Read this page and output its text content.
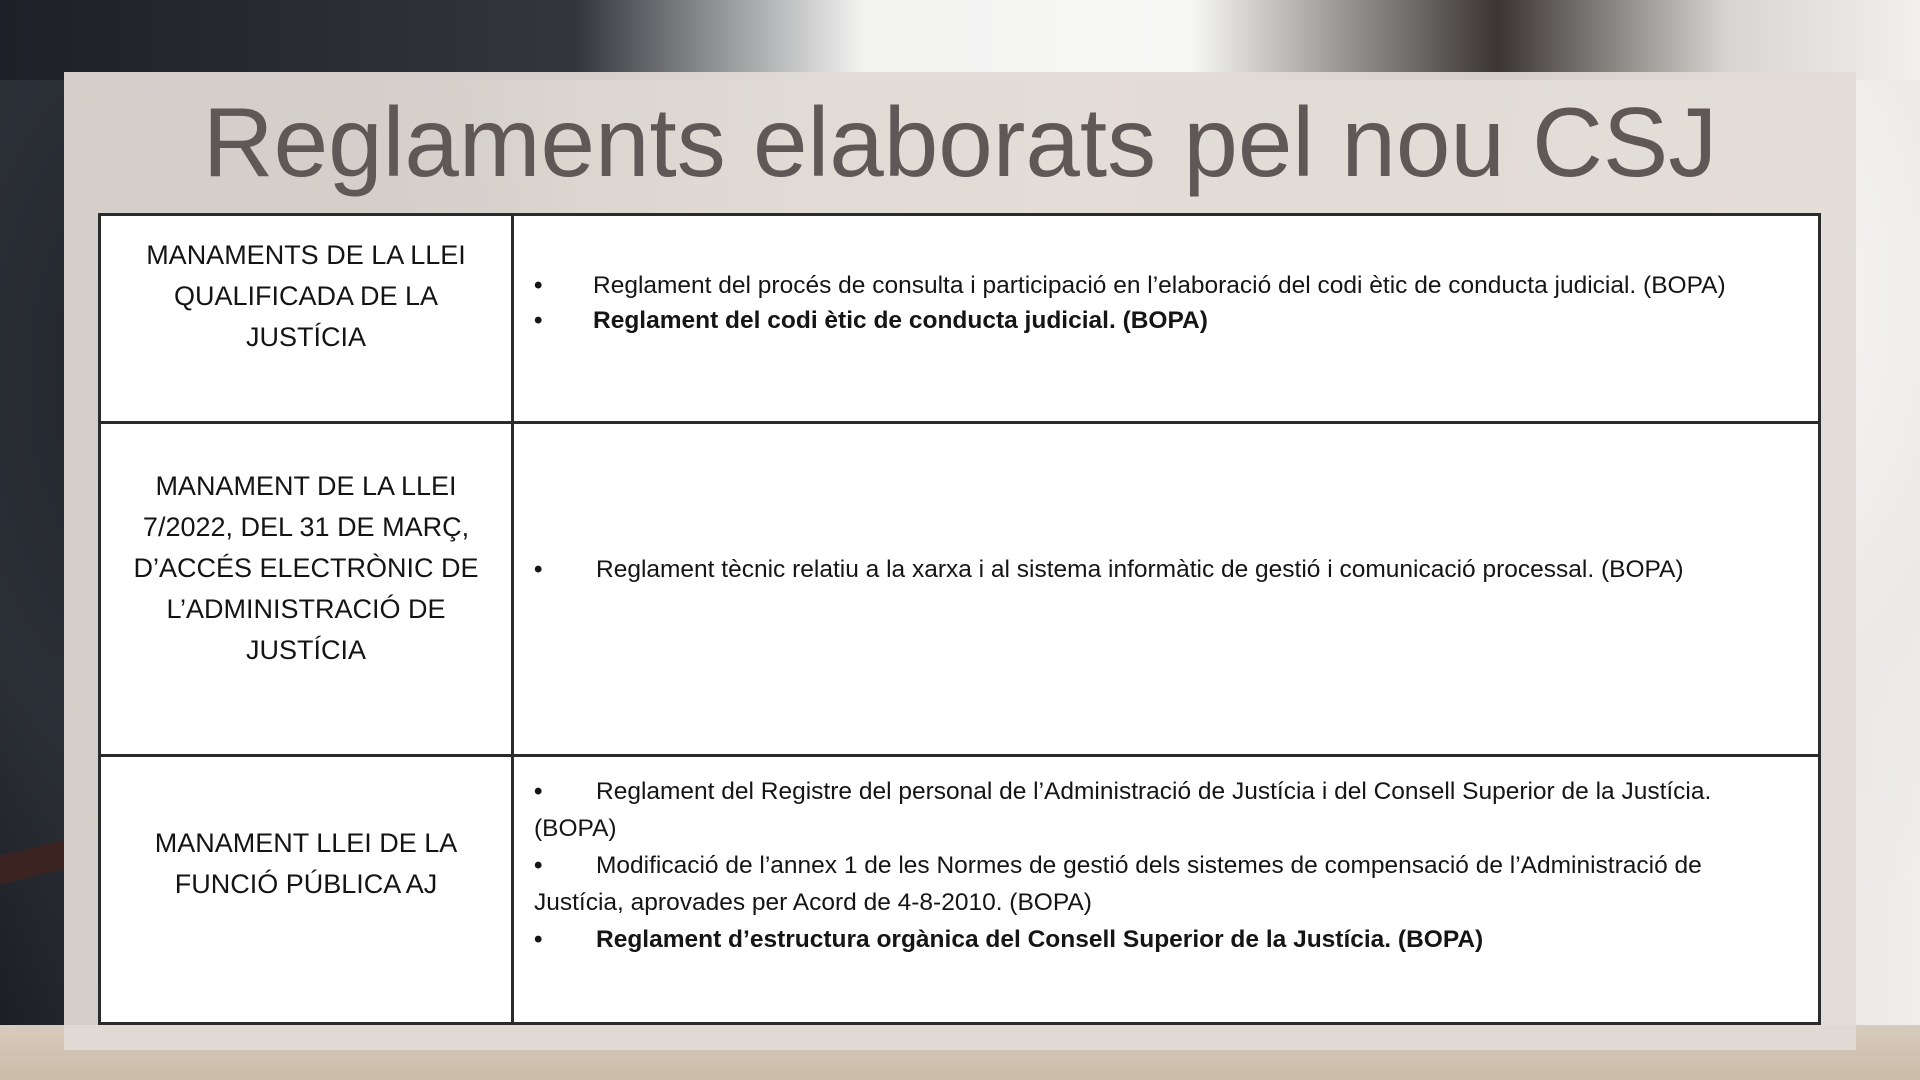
Reglaments elaborats pel nou CSJ
MANAMENTS DE LA LLEI QUALIFICADA DE LA JUSTÍCIA
• Reglament del procés de consulta i participació en l’elaboració del codi ètic de conducta judicial. (BOPA)
• Reglament del codi ètic de conducta judicial. (BOPA)
MANAMENT DE LA LLEI 7/2022, DEL 31 DE MARÇ, D’ACCÉS ELECTRÒNIC DE L’ADMINISTRACIÓ DE JUSTÍCIA
• Reglament tècnic relatiu a la xarxa i al sistema informàtic de gestió i comunicació processal. (BOPA)
MANAMENT LLEI DE LA FUNCIÓ PÚBLICA AJ
• Reglament del Registre del personal de l’Administració de Justícia i del Consell Superior de la Justícia. (BOPA)
• Modificació de l’annex 1 de les Normes de gestió dels sistemes de compensació de l’Administració de Justícia, aprovades per Acord de 4-8-2010. (BOPA)
• Reglament d’estructura orgànica del Consell Superior de la Justícia. (BOPA)
